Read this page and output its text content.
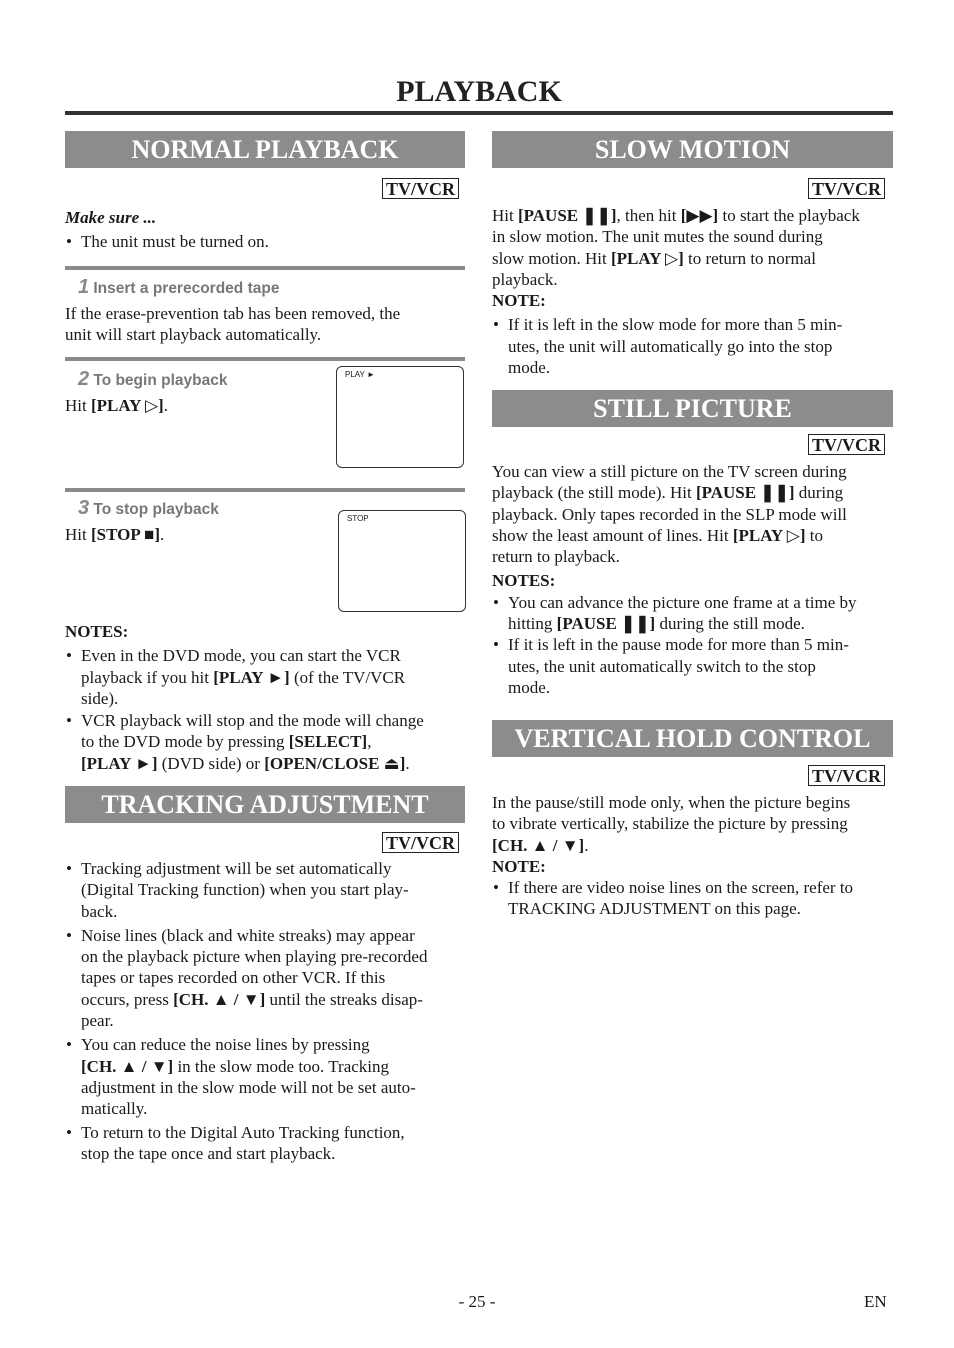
PLAYBACK
NORMAL PLAYBACK
TV/VCR

Make sure ...

• The unit must be turned on.
1 Insert a prerecorded tape

If the erase-prevention tab has been removed, the

unit will start playback automatically.

2 To begin playback
Hit [PLAY ▷].
PLAY ►
3 To stop playback
Hit [STOP ■].
STOP

NOTES:

• Even in the DVD mode, you can start the VCR
playback if you hit [PLAY ►] (of the TV/VCR
side).
• VCR playback will stop and the mode will change
to the DVD mode by pressing [SELECT],
[PLAY ►] (DVD side) or [OPEN/CLOSE ⏏].
TRACKING ADJUSTMENT
TV/VCR
• Tracking adjustment will be set automatically
(Digital Tracking function) when you start play-
back.
• Noise lines (black and white streaks) may appear
on the playback picture when playing pre-recorded
tapes or tapes recorded on other VCR. If this
occurs, press [CH. ▲ / ▼] until the streaks disap-
pear.
• You can reduce the noise lines by pressing
[CH. ▲ / ▼] in the slow mode too. Tracking
adjustment in the slow mode will not be set auto-
matically.
• To return to the Digital Auto Tracking function,
stop the tape once and start playback.
SLOW MOTION
TV/VCR
Hit [PAUSE ❚❚], then hit [▶▶] to start the playback
in slow motion. The unit mutes the sound during
slow motion. Hit [PLAY ▷] to return to normal
playback.
NOTE:
• If it is left in the slow mode for more than 5 min-
utes, the unit will automatically go into the stop
mode.
STILL PICTURE
TV/VCR
You can view a still picture on the TV screen during
playback (the still mode). Hit [PAUSE ❚❚] during
playback. Only tapes recorded in the SLP mode will
show the least amount of lines. Hit [PLAY ▷] to
return to playback.
NOTES:
• You can advance the picture one frame at a time by
hitting [PAUSE ❚❚] during the still mode.
• If it is left in the pause mode for more than 5 min-
utes, the unit automatically switch to the stop
mode.
VERTICAL HOLD CONTROL
TV/VCR
In the pause/still mode only, when the picture begins
to vibrate vertically, stabilize the picture by pressing
[CH. ▲ / ▼].
NOTE:
• If there are video noise lines on the screen, refer to
TRACKING ADJUSTMENT on this page.
- 25 -	EN
